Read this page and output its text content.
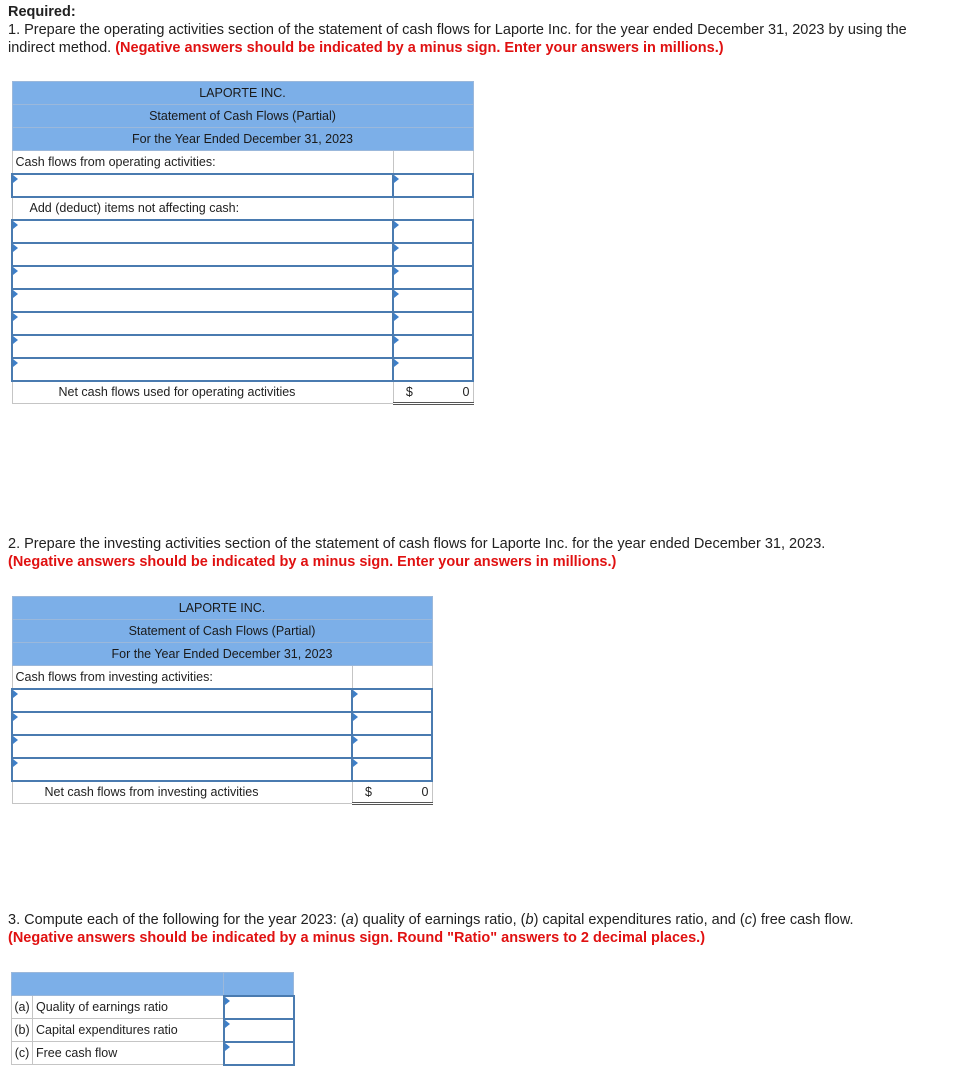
Required:
1. Prepare the operating activities section of the statement of cash flows for Laporte Inc. for the year ended December 31, 2023 by using the indirect method. (Negative answers should be indicated by a minus sign. Enter your answers in millions.)
LAPORTE INC.	
Statement of Cash Flows (Partial)	
For the Year Ended December 31, 2023	
Cash flows from operating activities:	

Add (deduct) items not affecting cash:	

Net cash flows used for operating activities	$ 0
2. Prepare the investing activities section of the statement of cash flows for Laporte Inc. for the year ended December 31, 2023.
(Negative answers should be indicated by a minus sign. Enter your answers in millions.)
LAPORTE INC.	
Statement of Cash Flows (Partial)	
For the Year Ended December 31, 2023	
Cash flows from investing activities:	

Net cash flows from investing activities	$ 0
3. Compute each of the following for the year 2023: (a) quality of earnings ratio, (b) capital expenditures ratio, and (c) free cash flow.
(Negative answers should be indicated by a minus sign. Round "Ratio" answers to 2 decimal places.)

(a)	Quality of earnings ratio	
(b)	Capital expenditures ratio	
(c)	Free cash flow	
